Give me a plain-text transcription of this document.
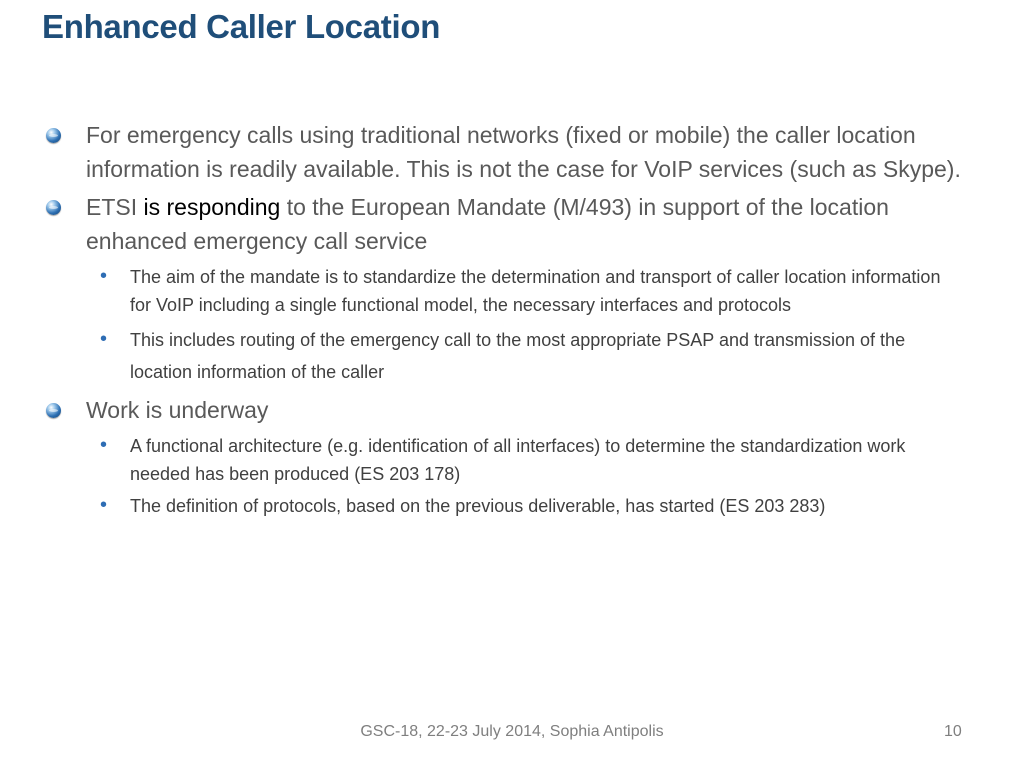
Enhanced Caller Location
For emergency calls using traditional networks (fixed or mobile) the caller location information is readily available. This is not the case for VoIP services (such as Skype).
ETSI is responding to the European Mandate (M/493) in support of the location enhanced emergency call service
• The aim of the mandate is to standardize the determination and transport of caller location information for VoIP including a single functional model, the necessary interfaces and protocols
• This includes routing of the emergency call to the most appropriate PSAP and transmission of the location information of the caller
Work is underway
• A functional architecture (e.g. identification of all interfaces) to determine the standardization work needed has been produced (ES 203 178)
• The definition of protocols, based on the previous deliverable, has started (ES 203 283)
GSC-18, 22-23 July 2014, Sophia Antipolis	10
